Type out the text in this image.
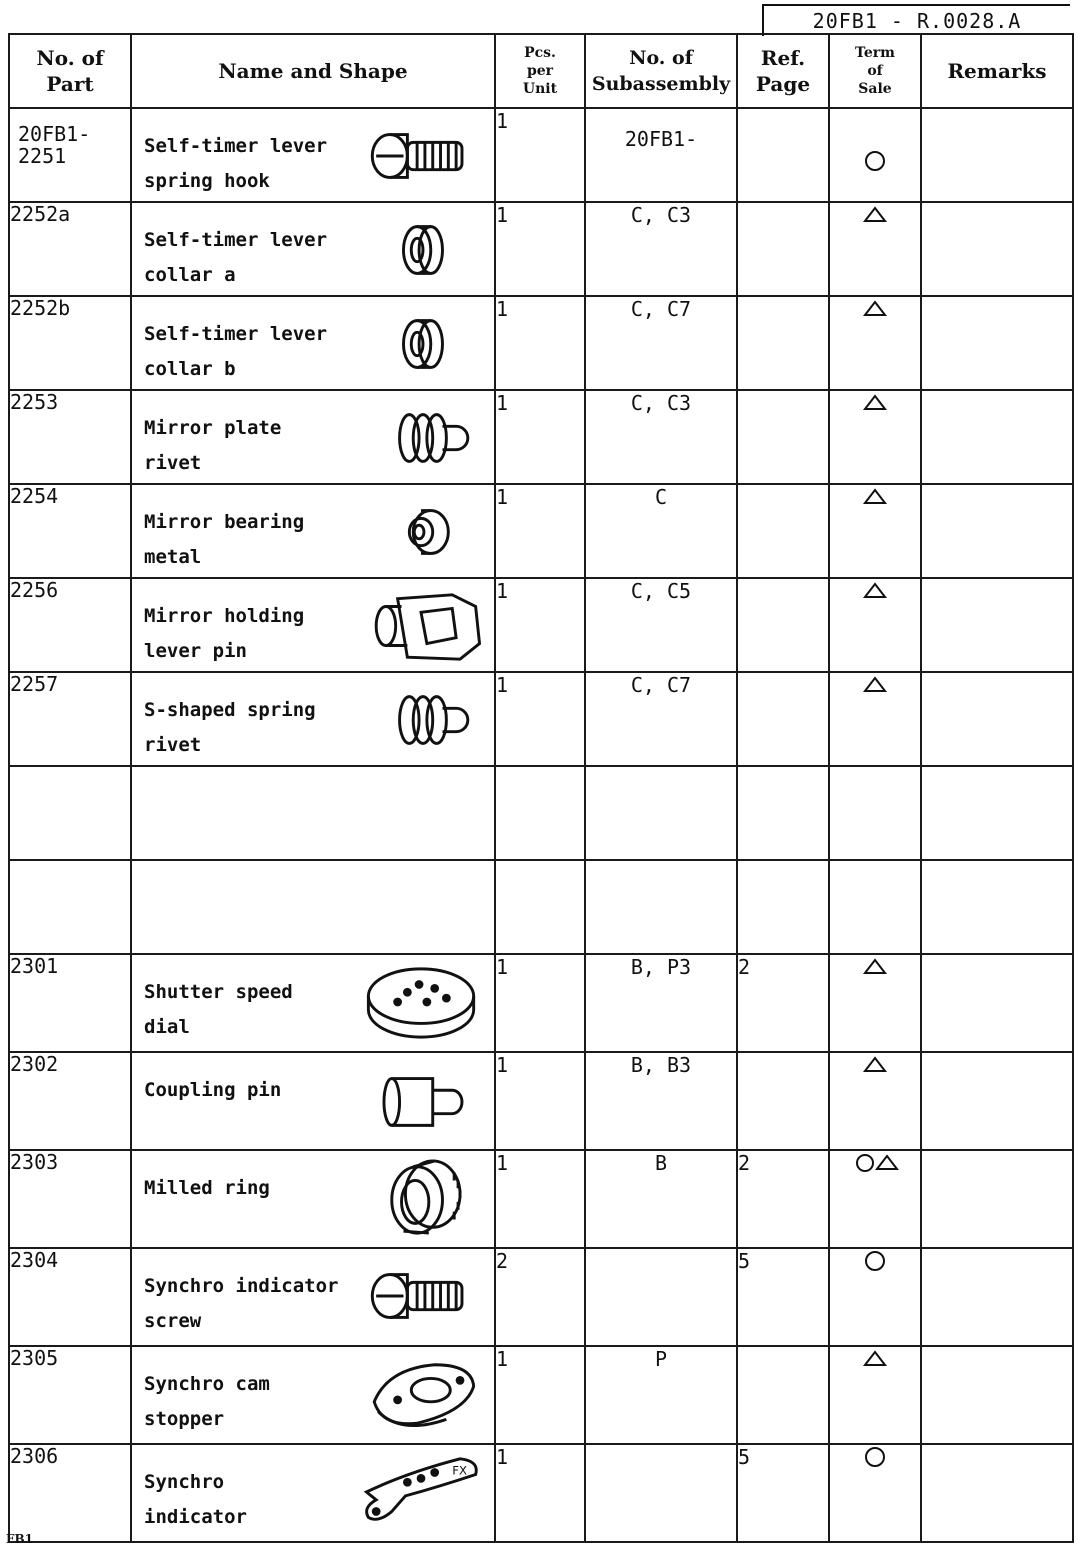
20FB1 - R.0028.A
No. of
Part	Name and Shape	Pcs.
per
Unit	No. of
Subassembly	Ref.
Page	Term
of
Sale	Remarks
20FB1-
2251	Self-timer lever
spring hook	1	20FB1-			
2252a	Self-timer lever
collar a	1	C, C3			
2252b	Self-timer lever
collar b	1	C, C7			
2253	Mirror plate
rivet	1	C, C3			
2254	Mirror bearing
metal	1	C			
2256	Mirror holding
lever pin	1	C, C5			
2257	S-shaped spring
rivet	1	C, C7			

2301	Shutter speed
dial	1	B, P3	2		
2302	Coupling pin	1	B, B3			
2303	Milled ring	1	B	2		
2304	Synchro indicator
screw	2		5		
2305	Synchro cam
stopper	1	P			
2306	Synchro
indicator
FX	1		5		
FB1
